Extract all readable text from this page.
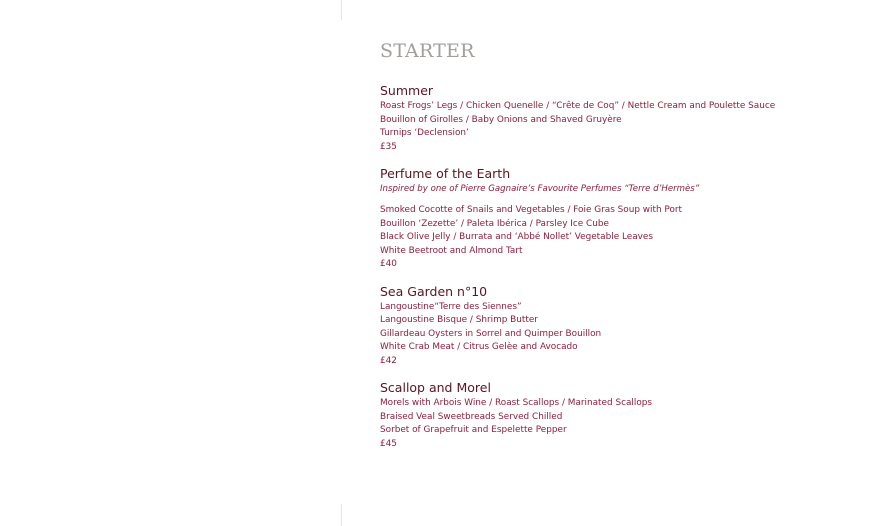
STARTER
Summer

Roast Frogs’ Legs / Chicken Quenelle / “Crête de Coq” / Nettle Cream and Poulette Sauce

Bouillon of Girolles / Baby Onions and Shaved Gruyère

Turnips ‘Declension’

£35

Perfume of the Earth

Inspired by one of Pierre Gagnaire’s Favourite Perfumes “Terre d’Hermès”

Smoked Cocotte of Snails and Vegetables / Foie Gras Soup with Port

Bouillon ‘Zezette’ / Paleta Ibérica / Parsley Ice Cube

Black Olive Jelly / Burrata and ‘Abbé Nollet’ Vegetable Leaves

White Beetroot and Almond Tart

£40

Sea Garden n°10

Langoustine“Terre des Siennes”

Langoustine Bisque / Shrimp Butter

Gillardeau Oysters in Sorrel and Quimper Bouillon

White Crab Meat / Citrus Gelèe and Avocado

£42

Scallop and Morel

Morels with Arbois Wine / Roast Scallops / Marinated Scallops

Braised Veal Sweetbreads Served Chilled

Sorbet of Grapefruit and Espelette Pepper

£45
